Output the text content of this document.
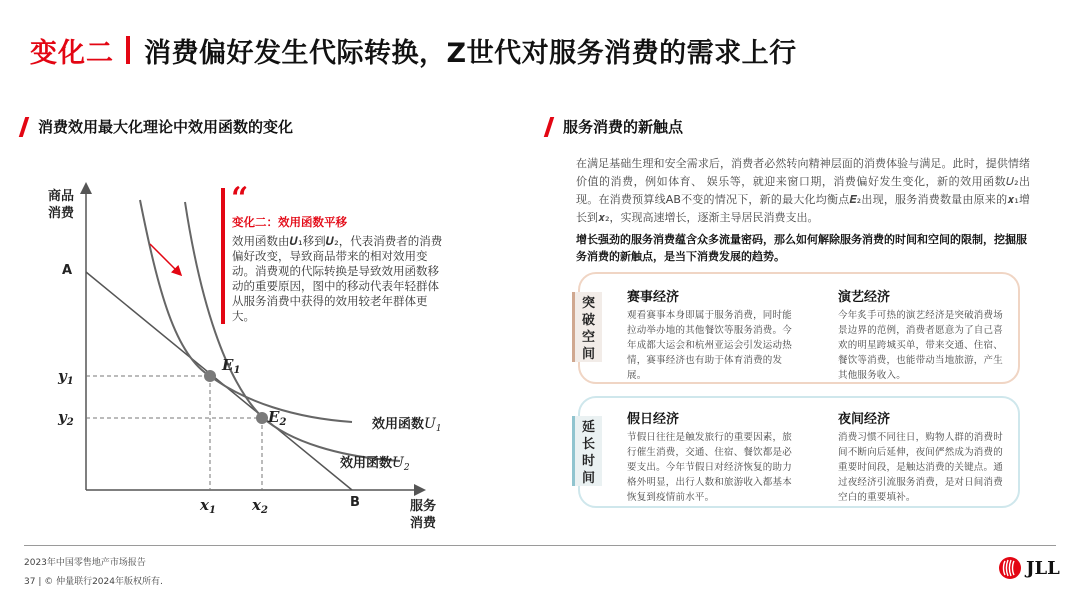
变化二 消费偏好发生代际转换，Z世代对服务消费的需求上行
消费效用最大化理论中效用函数的变化
商品
消费
A
B	服务
消费
$y_1$
$y_2$
$x_1$ $x_2$
$E_1$
$E_2$	效用函数$U_1$
效用函数$U_2$
“
变化二：效用函数平移
效用函数由𝑼₁移到𝑼₂，代表消费者的消费偏好改变，导致商品带来的相对效用变动。消费观的代际转换是导致效用函数移动的重要原因，图中的移动代表年轻群体从服务消费中获得的效用较老年群体更大。
服务消费的新触点
在满足基础生理和安全需求后，消费者必然转向精神层面的消费体验与满足。此时，提供情绪价值的消费，例如体育、 娱乐等，就迎来窗口期，消费偏好发生变化，新的效用函数𝑈₂出现。在消费预算线AB不变的情况下，新的最大化均衡点𝑬₂出现，服务消费数量由原来的𝒙₁增长到𝒙₂，实现高速增长，逐渐主导居民消费支出。
增长强劲的服务消费蕴含众多流量密码，那么如何解除服务消费的时间和空间的限制，挖掘服务消费的新触点，是当下消费发展的趋势。
突
破
空
间
赛事经济
观看赛事本身即属于服务消费，同时能拉动举办地的其他餐饮等服务消费。今年成都大运会和杭州亚运会引发运动热情，赛事经济也有助于体育消费的发展。
演艺经济
今年炙手可热的演艺经济是突破消费场景边界的范例，消费者愿意为了自己喜欢的明星跨城买单，带来交通、住宿、餐饮等消费，也能带动当地旅游，产生其他服务收入。
延
长
时
间
假日经济
节假日往往是触发旅行的重要因素，旅行催生消费，交通、住宿、餐饮都是必要支出。今年节假日对经济恢复的助力格外明显，出行人数和旅游收入都基本恢复到疫情前水平。
夜间经济
消费习惯不同往日，购物人群的消费时间不断向后延伸，夜间俨然成为消费的重要时间段，是触达消费的关键点。通过夜经济引流服务消费，是对日间消费空白的重要填补。
2023年中国零售地产市场报告
37 | © 仲量联行2024年版权所有.
JLL
